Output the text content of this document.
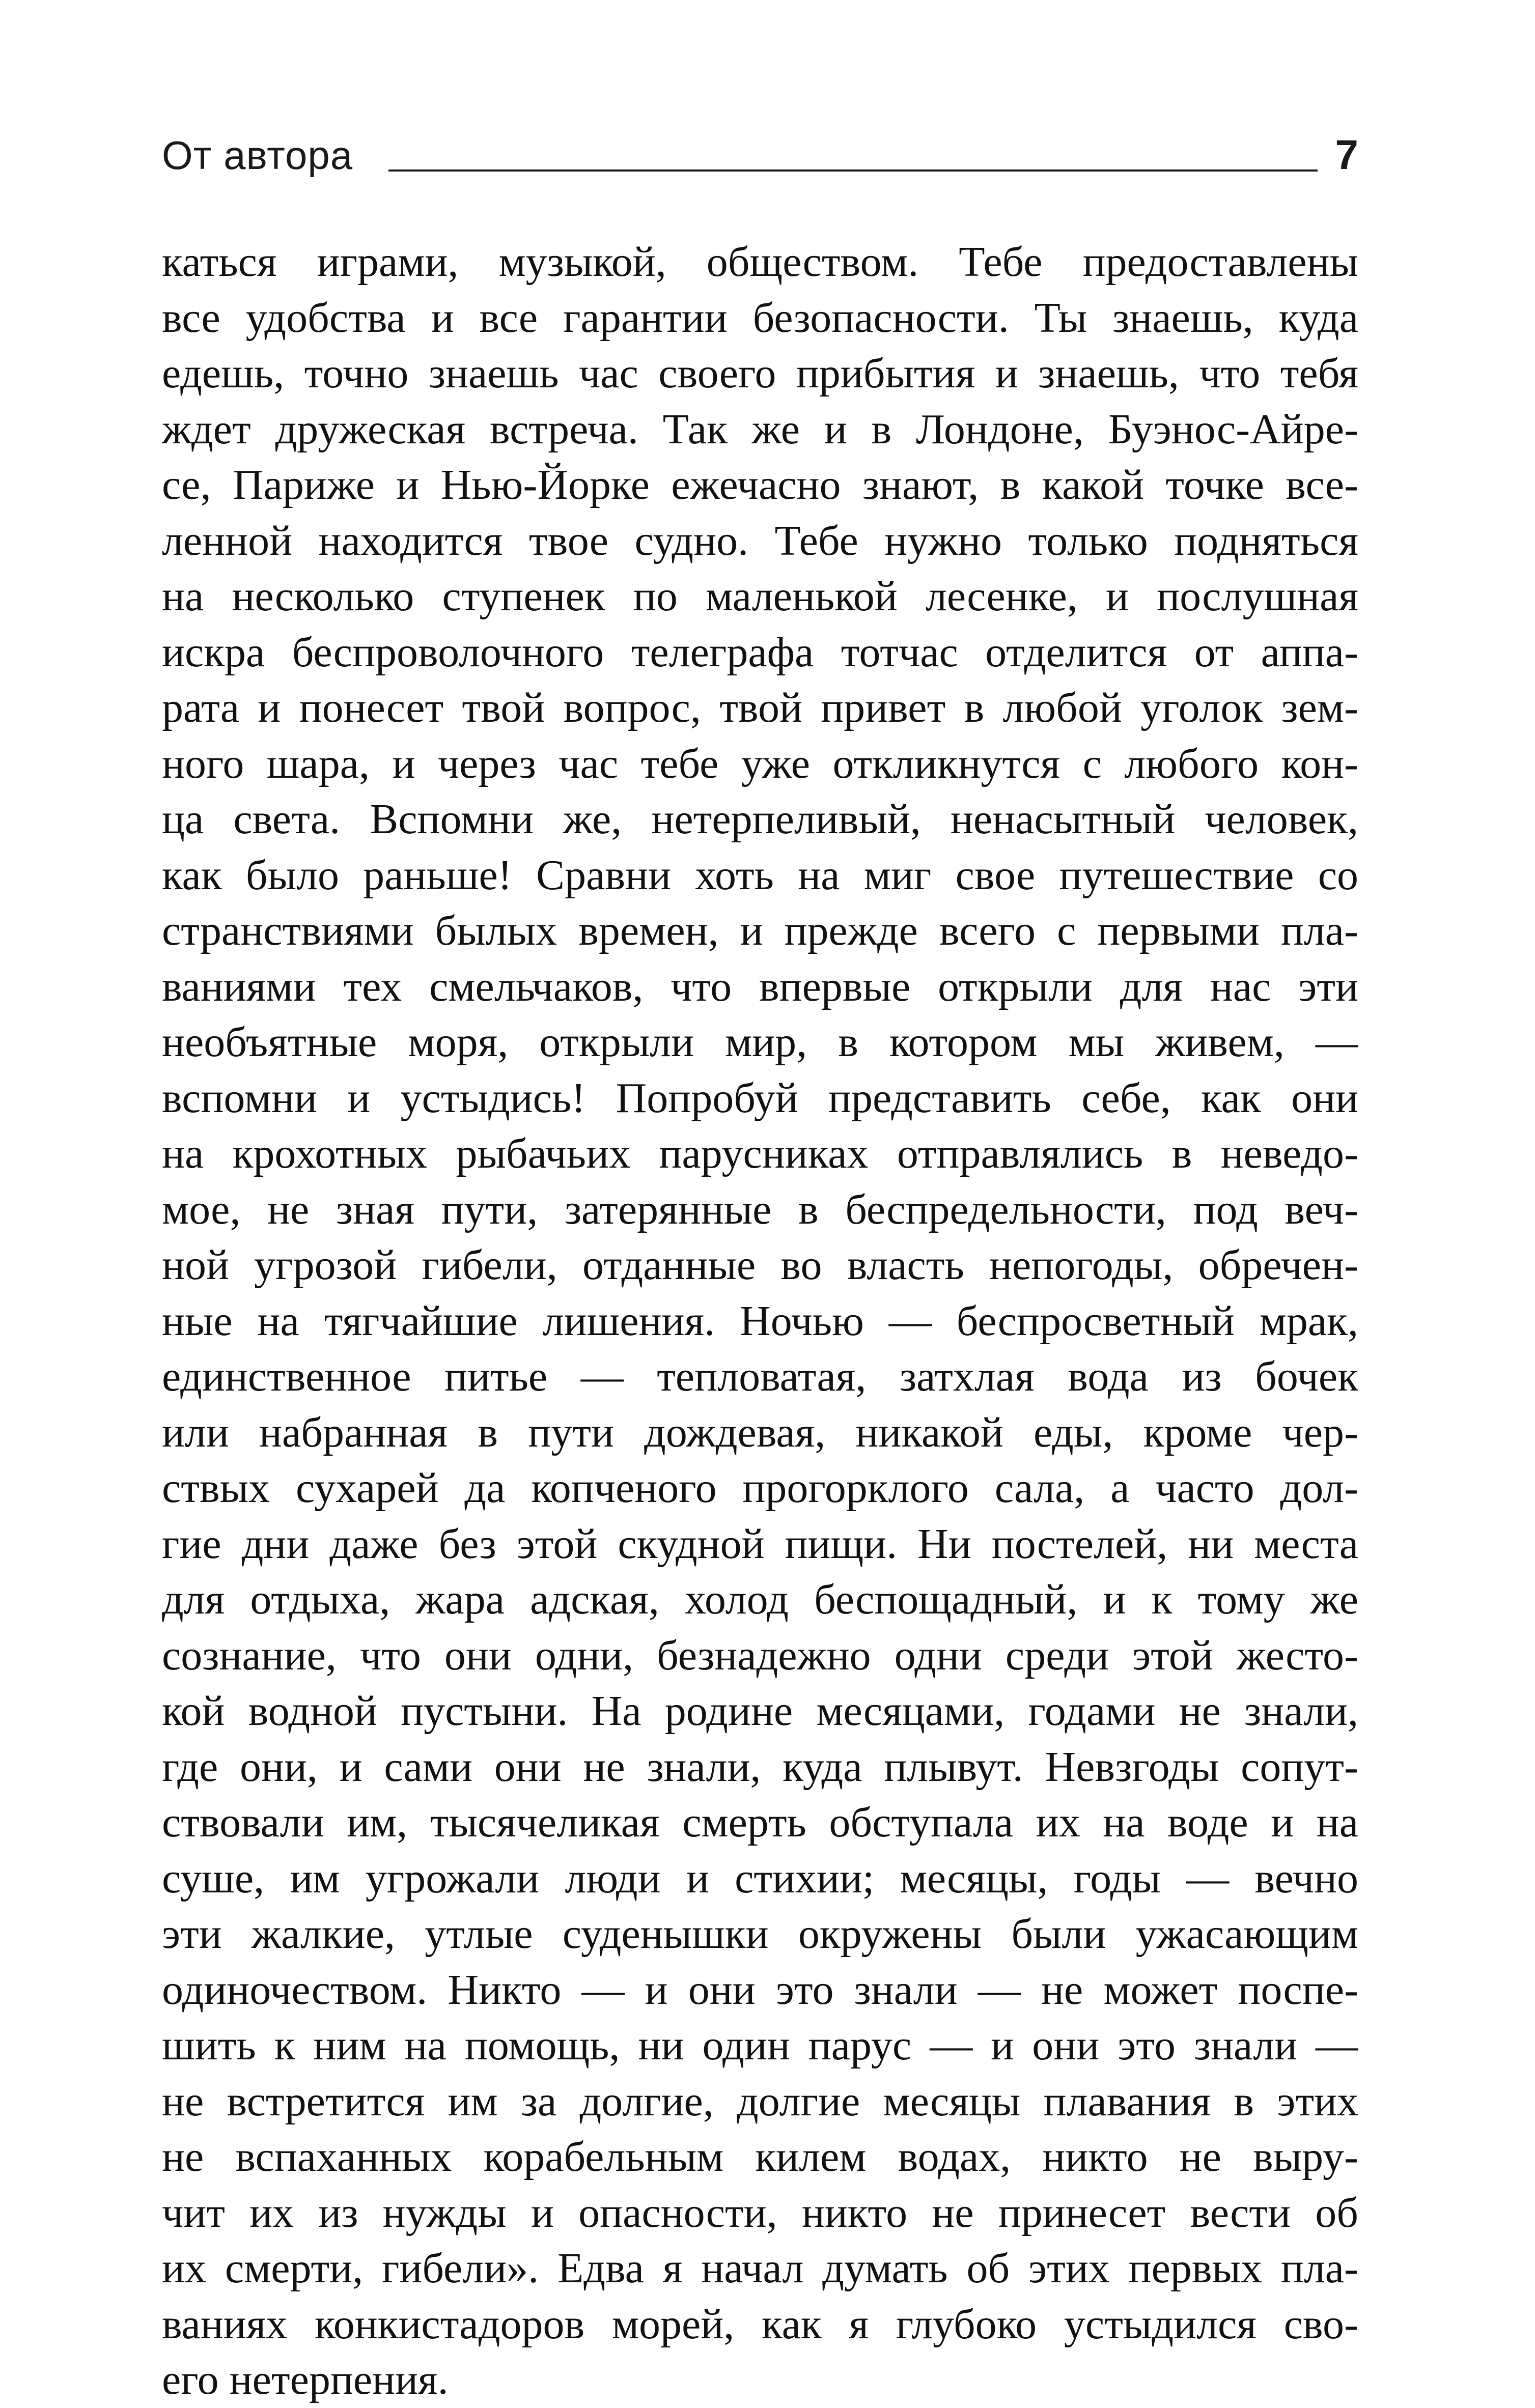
От автора	7
каться играми, музыкой, обществом. Тебе предоставлены
все удобства и все гарантии безопасности. Ты знаешь, куда
едешь, точно знаешь час своего прибытия и знаешь, что тебя
ждет дружеская встреча. Так же и в Лондоне, Буэнос-Айре-
се, Париже и Нью-Йорке ежечасно знают, в какой точке все-
ленной находится твое судно. Тебе нужно только подняться
на несколько ступенек по маленькой лесенке, и послушная
искра беспроволочного телеграфа тотчас отделится от аппа-
рата и понесет твой вопрос, твой привет в любой уголок зем-
ного шара, и через час тебе уже откликнутся с любого кон-
ца света. Вспомни же, нетерпеливый, ненасытный человек,
как было раньше! Сравни хоть на миг свое путешествие со
странствиями былых времен, и прежде всего с первыми пла-
ваниями тех смельчаков, что впервые открыли для нас эти
необъятные моря, открыли мир, в котором мы живем, —
вспомни и устыдись! Попробуй представить себе, как они
на крохотных рыбачьих парусниках отправлялись в неведо-
мое, не зная пути, затерянные в беспредельности, под веч-
ной угрозой гибели, отданные во власть непогоды, обречен-
ные на тягчайшие лишения. Ночью — беспросветный мрак,
единственное питье — тепловатая, затхлая вода из бочек
или набранная в пути дождевая, никакой еды, кроме чер-
ствых сухарей да копченого прогорклого сала, а часто дол-
гие дни даже без этой скудной пищи. Ни постелей, ни места
для отдыха, жара адская, холод беспощадный, и к тому же
сознание, что они одни, безнадежно одни среди этой жесто-
кой водной пустыни. На родине месяцами, годами не знали,
где они, и сами они не знали, куда плывут. Невзгоды сопут-
ствовали им, тысячеликая смерть обступала их на воде и на
суше, им угрожали люди и стихии; месяцы, годы — вечно
эти жалкие, утлые суденышки окружены были ужасающим
одиночеством. Никто — и они это знали — не может поспе-
шить к ним на помощь, ни один парус — и они это знали —
не встретится им за долгие, долгие месяцы плавания в этих
не вспаханных корабельным килем водах, никто не выру-
чит их из нужды и опасности, никто не принесет вести об
их смерти, гибели». Едва я начал думать об этих первых пла-
ваниях конкистадоров морей, как я глубоко устыдился сво-
его нетерпения.
